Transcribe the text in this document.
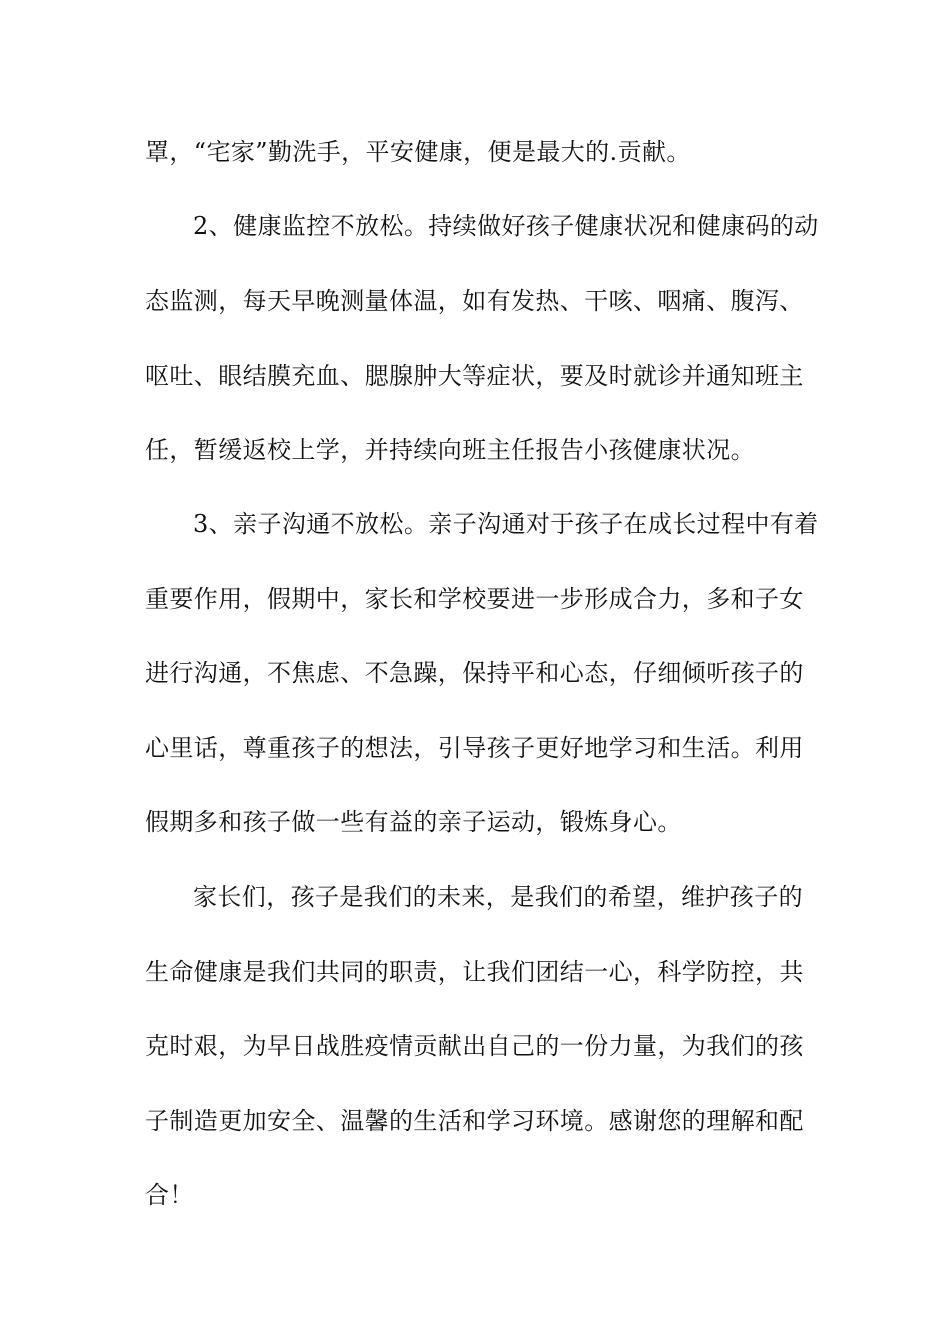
罩，“宅家”勤洗手，平安健康，便是最大的.贡献。
2、健康监控不放松。持续做好孩子健康状况和健康码的动
态监测，每天早晚测量体温，如有发热、干咳、咽痛、腹泻、
呕吐、眼结膜充血、腮腺肿大等症状，要及时就诊并通知班主
任，暂缓返校上学，并持续向班主任报告小孩健康状况。
3、亲子沟通不放松。亲子沟通对于孩子在成长过程中有着
重要作用，假期中，家长和学校要进一步形成合力，多和子女
进行沟通，不焦虑、不急躁，保持平和心态，仔细倾听孩子的
心里话，尊重孩子的想法，引导孩子更好地学习和生活。利用
假期多和孩子做一些有益的亲子运动，锻炼身心。
家长们，孩子是我们的未来，是我们的希望，维护孩子的
生命健康是我们共同的职责，让我们团结一心，科学防控，共
克时艰，为早日战胜疫情贡献出自己的一份力量，为我们的孩
子制造更加安全、温馨的生活和学习环境。感谢您的理解和配
合！
